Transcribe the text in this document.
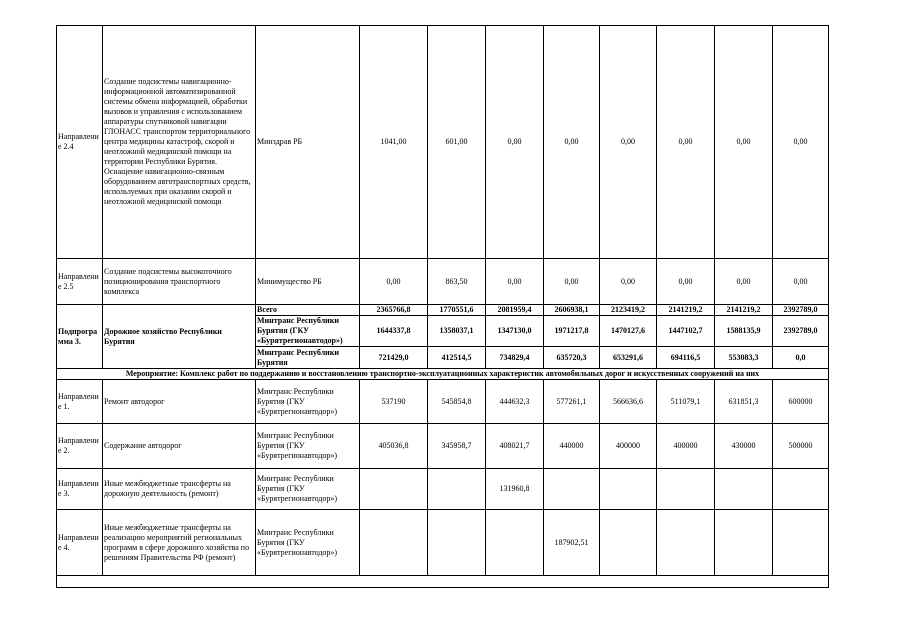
Направление 2.4	Создание подсистемы навигационно-информационной автоматизированной системы обмена информацией, обработки вызовов и управления с использованием аппаратуры спутниковой навигации ГЛОНАСС транспортом территориального центра медицины катастроф, скорой и неотложной медицинской помощи на территории Республики Бурятия. Оснащение навигационно-связным оборудованием автотранспортных средств, используемых при оказании скорой и неотложной медицинской помощи	Минздрав РБ	1041,00	601,00	0,00	0,00	0,00	0,00	0,00	0,00
Направление 2.5	Создание подсистемы высокоточного позиционирования транспортного комплекса	Минимущество РБ	0,00	863,50	0,00	0,00	0,00	0,00	0,00	0,00
Подпрограмма 3.	Дорожное хозяйство Республики Бурятия	Всего	2365766,8	1770551,6	2081959,4	2606938,1	2123419,2	2141219,2	2141219,2	2392789,0
		Минтранс Республики Бурятия (ГКУ «Бурятрегионавтодор»)	1644337,8	1358037,1	1347130,0	1971217,8	1470127,6	1447102,7	1588135,9	2392789,0
		Минтранс Республики Бурятия	721429,0	412514,5	734829,4	635720,3	653291,6	694116,5	553083,3	0,0
Мероприятие: Комплекс работ по поддержанию и восстановлению транспортно-эксплуатационных характеристик автомобильных дорог и искусственных сооружений на них										
Направление 1.	Ремонт автодорог	Минтранс Республики Бурятия (ГКУ «Бурятрегионавтодор»)	537190	545854,8	444632,3	577261,1	566636,6	511079,1	631851,3	600000
Направление 2.	Содержание автодорог	Минтранс Республики Бурятия (ГКУ «Бурятрегионавтодор»)	405036,8	345958,7	408021,7	440000	400000	400000	430000	500000
Направление 3.	Иные межбюджетные трансферты на дорожную деятельность (ремонт)	Минтранс Республики Бурятия (ГКУ «Бурятрегионавтодор»)			131960,8					
Направление 4.	Иные межбюджетные трансферты на реализацию мероприятий региональных программ в сфере дорожного хозяйства по решениям Правительства РФ (ремонт)	Минтранс Республики Бурятия (ГКУ «Бурятрегионавтодор»)				187902,51				
